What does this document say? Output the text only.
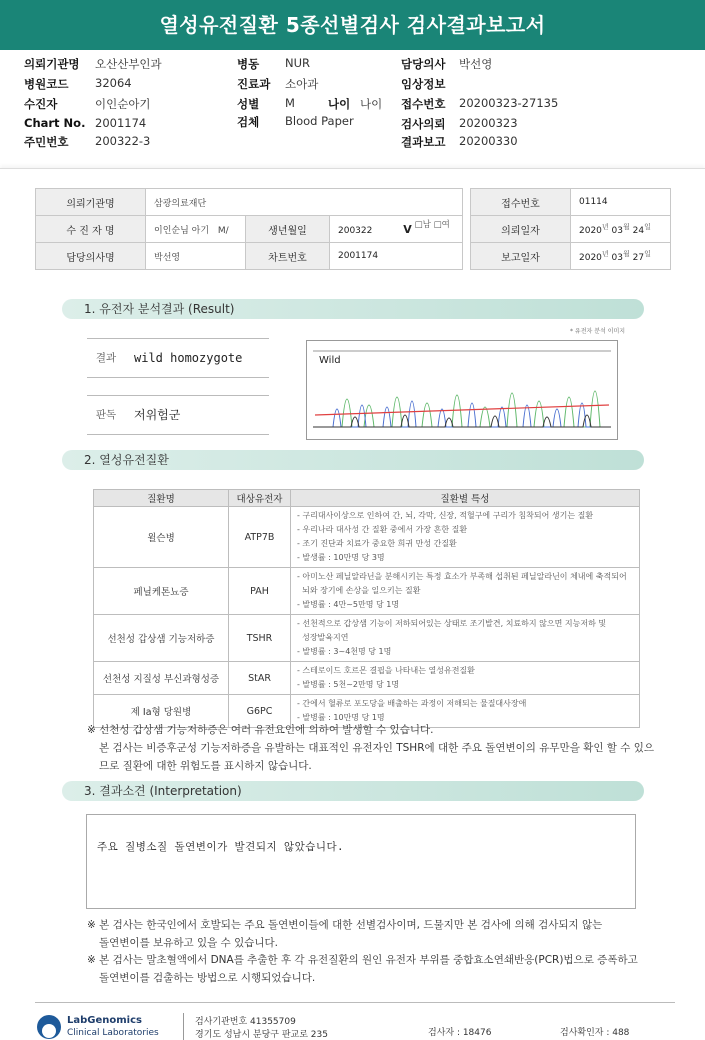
열성유전질환 5종선별검사 검사결과보고서
의뢰기관명 오산산부인과
병원코드 32064
수진자	이인순아기
Chart No. 2001174
주민번호 200322-3
병동 NUR
진료과 소아과
성별 M
검체 Blood Paper
나이 나이
담당의사 박선영
임상정보
접수번호 20200323-27135
검사의뢰 20200323
결과보고 20200330
의뢰기관명	삼광의료재단				접수번호	01114
수 진 자 명	이인순님 아기 M/	생년월일	200322 V □남 □여		의뢰일자	$2020^년$ $03^월$ $24^일$
담당의사명	박선영	차트번호	2001174		보고일자	$2020^년$ $03^월$ $27^일$
1. 유전자 분석결과 (Result)
* 유전자 분석 이미지
결과	wild homozygote
판독	저위험군
Wild
2. 열성유전질환
질환명	대상유전자	질환별 특성
윌슨병	ATP7B	- 구리대사이상으로 인하여 간, 뇌, 각막, 신장, 적혈구에 구리가 침착되어 생기는 질환
- 우리나라 대사성 간 질환 중에서 가장 흔한 질환
- 조기 진단과 치료가 중요한 희귀 만성 간질환
- 발생률 : 10만명 당 3명

페닐케톤뇨증	PAH	- 아미노산 페닐알라닌을 분해시키는 특정 효소가 부족해 섭취된 페닐알라닌이 체내에 축적되어
뇌와 장기에 손상을 일으키는 질환
- 발병률 : 4만~5만명 당 1명

선천성 갑상샘 기능저하증	TSHR	- 선천적으로 갑상샘 기능이 저하되어있는 상태로 조기발견, 치료하지 않으면 지능저하 및
성장발육지연
- 발병률 : 3~4천명 당 1명

선천성 지질성 부신과형성증	StAR	- 스테로이드 호르몬 결핍을 나타내는 열성유전질환
- 발병률 : 5천~2만명 당 1명

제 Ia형 당원병	G6PC	- 간에서 혈류로 포도당을 배출하는 과정이 저해되는 물질대사장애
- 발병률 : 10만명 당 1명
※ 선천성 갑상샘 기능저하증은 여러 유전요인에 의하여 발생할 수 있습니다.
본 검사는 비증후군성 기능저하증을 유발하는 대표적인 유전자인 TSHR에 대한 주요 돌연변이의 유무만을 확인 할 수 있으
므로 질환에 대한 위험도를 표시하지 않습니다.
3. 결과소견 (Interpretation)
주요 질병소질 돌연변이가 발견되지 않았습니다.
※ 본 검사는 한국인에서 호발되는 주요 돌연변이들에 대한 선별검사이며, 드물지만 본 검사에 의해 검사되지 않는
돌연변이를 보유하고 있을 수 있습니다.
※ 본 검사는 말초혈액에서 DNA를 추출한 후 각 유전질환의 원인 유전자 부위를 중합효소연쇄반응(PCR)법으로 증폭하고
돌연변이를 검출하는 방법으로 시행되었습니다.
LabGenomics
Clinical Laboratories
검사기관번호 41355709
경기도 성남시 분당구 판교로 235	검사자 : 18476	검사확인자 : 488
